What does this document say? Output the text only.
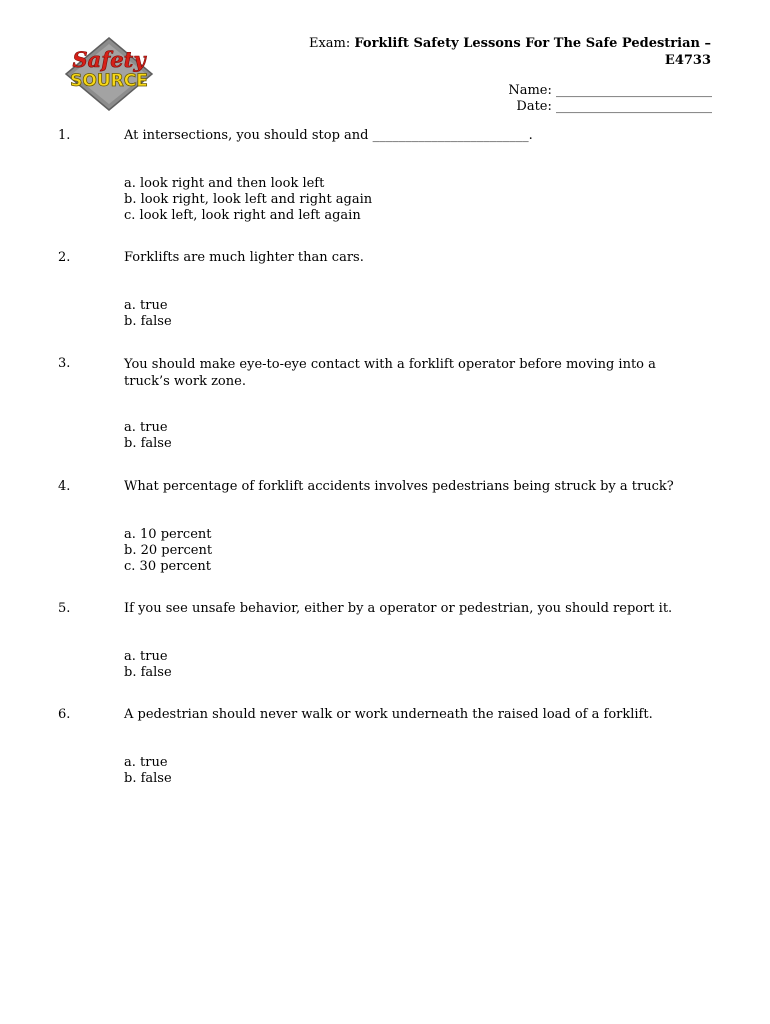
Safety
SOURCE
Exam: Forklift Safety Lessons For The Safe Pedestrian –
E4733
Name: ________________________
Date: ________________________
1.	At intersections, you should stop and ________________________.
a. look right and then look left
b. look right, look left and right again
c. look left, look right and left again
2.	Forklifts are much lighter than cars.
a. true
b. false
3.	You should make eye-to-eye contact with a forklift operator before moving into a truck’s work zone.
a. true
b. false
4.	What percentage of forklift accidents involves pedestrians being struck by a truck?
a. 10 percent
b. 20 percent
c. 30 percent
5.	If you see unsafe behavior, either by a operator or pedestrian, you should report it.
a. true
b. false
6.	A pedestrian should never walk or work underneath the raised load of a forklift.
a. true
b. false
